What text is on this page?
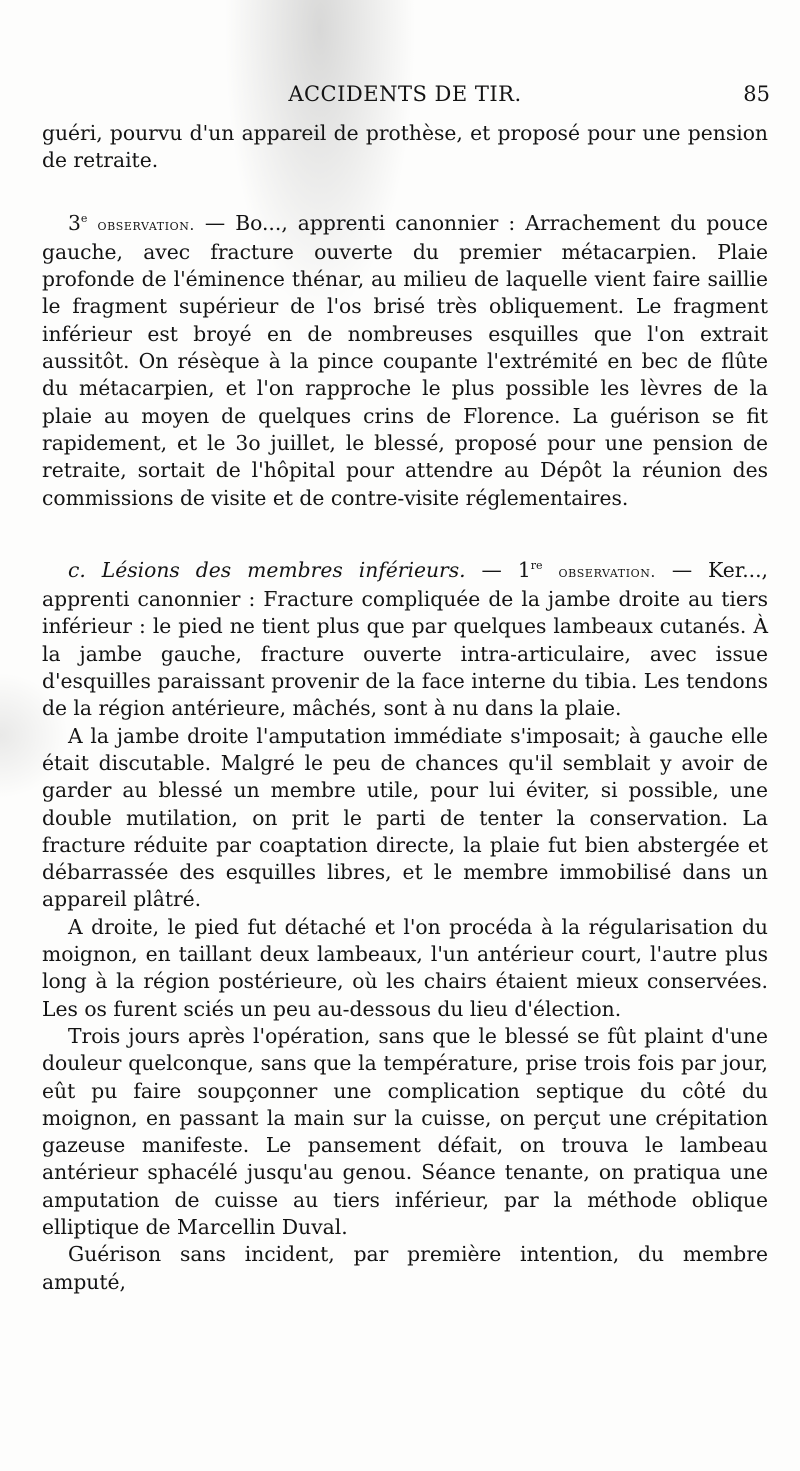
ACCIDENTS DE TIR.	85

guéri, pourvu d'un appareil de prothèse, et proposé pour une pension de retraite.

3e observation. — Bo..., apprenti canonnier : Arrachement du pouce gauche, avec fracture ouverte du premier métacarpien. Plaie profonde de l'éminence thénar, au milieu de laquelle vient faire saillie le fragment supérieur de l'os brisé très obliquement. Le fragment inférieur est broyé en de nombreuses esquilles que l'on extrait aussitôt. On résèque à la pince coupante l'extrémité en bec de flûte du métacarpien, et l'on rapproche le plus possible les lèvres de la plaie au moyen de quelques crins de Florence. La guérison se fit rapidement, et le 3o juillet, le blessé, proposé pour une pension de retraite, sortait de l'hôpital pour attendre au Dépôt la réunion des commissions de visite et de contre-visite réglementaires.

c. Lésions des membres inférieurs. — 1re observation. — Ker..., apprenti canonnier : Fracture compliquée de la jambe droite au tiers inférieur : le pied ne tient plus que par quelques lambeaux cutanés. À la jambe gauche, fracture ouverte intra-articulaire, avec issue d'esquilles paraissant provenir de la face interne du tibia. Les tendons de la région antérieure, mâchés, sont à nu dans la plaie.

A la jambe droite l'amputation immédiate s'imposait; à gauche elle était discutable. Malgré le peu de chances qu'il semblait y avoir de garder au blessé un membre utile, pour lui éviter, si possible, une double mutilation, on prit le parti de tenter la conservation. La fracture réduite par coaptation directe, la plaie fut bien abstergée et débarrassée des esquilles libres, et le membre immobilisé dans un appareil plâtré.

A droite, le pied fut détaché et l'on procéda à la régularisation du moignon, en taillant deux lambeaux, l'un antérieur court, l'autre plus long à la région postérieure, où les chairs étaient mieux conservées. Les os furent sciés un peu au-dessous du lieu d'élection.

Trois jours après l'opération, sans que le blessé se fût plaint d'une douleur quelconque, sans que la température, prise trois fois par jour, eût pu faire soupçonner une complication septique du côté du moignon, en passant la main sur la cuisse, on perçut une crépitation gazeuse manifeste. Le pansement défait, on trouva le lambeau antérieur sphacélé jusqu'au genou. Séance tenante, on pratiqua une amputation de cuisse au tiers inférieur, par la méthode oblique elliptique de Marcellin Duval.

Guérison sans incident, par première intention, du membre amputé,
